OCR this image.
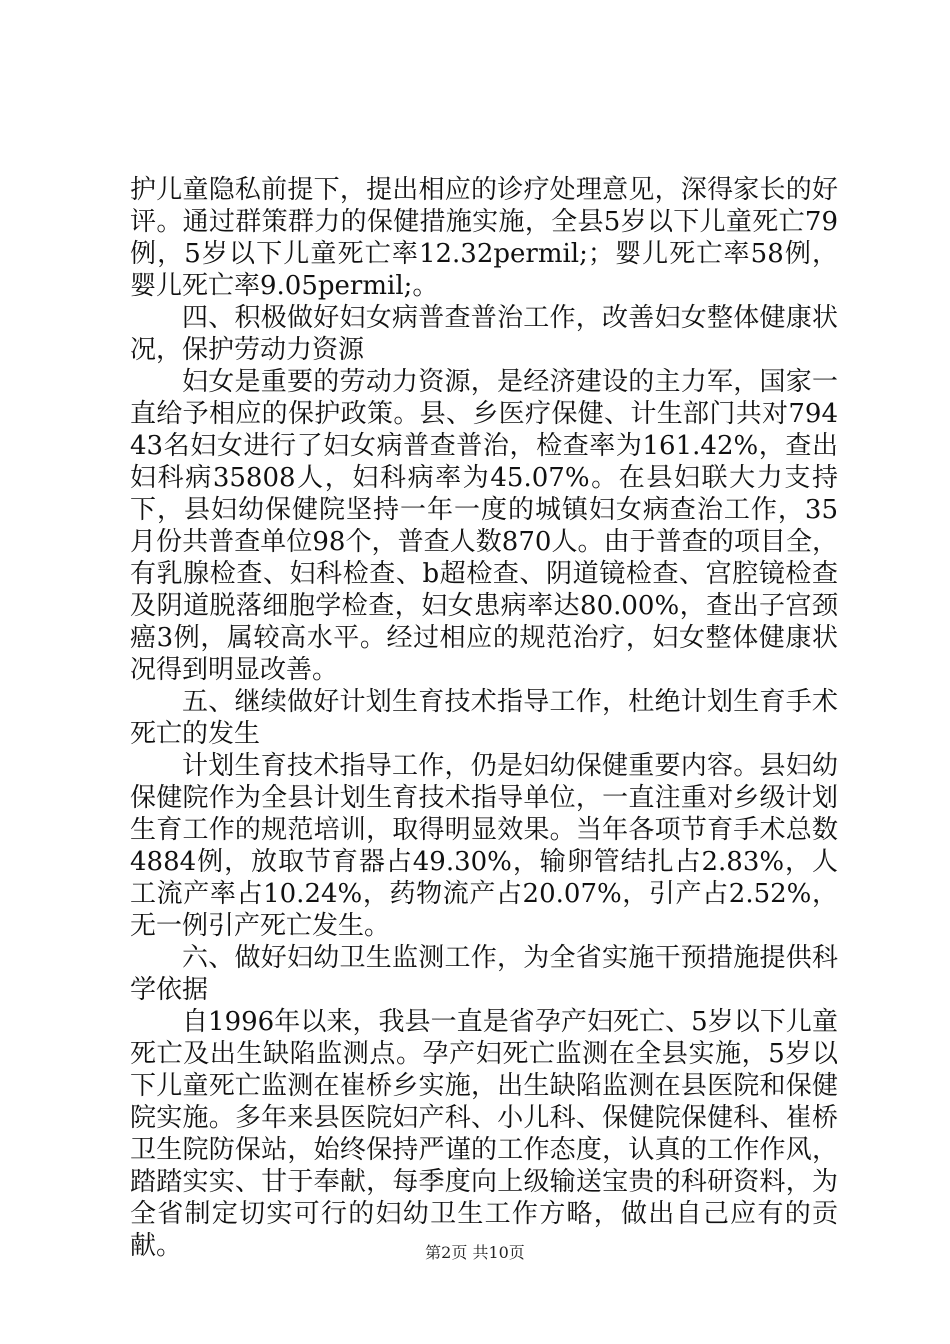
护儿童隐私前提下，提出相应的诊疗处理意见，深得家长的好评。通过群策群力的保健措施实施，全县5岁以下儿童死亡79例，5岁以下儿童死亡率12.32permil;；婴儿死亡率58例，婴儿死亡率9.05permil;。

四、积极做好妇女病普查普治工作，改善妇女整体健康状况，保护劳动力资源

妇女是重要的劳动力资源，是经济建设的主力军，国家一直给予相应的保护政策。县、乡医疗保健、计生部门共对79443名妇女进行了妇女病普查普治，检查率为161.42%，查出妇科病35808人，妇科病率为45.07%。在县妇联大力支持下，县妇幼保健院坚持一年一度的城镇妇女病查治工作，35月份共普查单位98个，普查人数870人。由于普查的项目全，有乳腺检查、妇科检查、b超检查、阴道镜检查、宫腔镜检查及阴道脱落细胞学检查，妇女患病率达80.00%，查出子宫颈癌3例，属较高水平。经过相应的规范治疗，妇女整体健康状况得到明显改善。

五、继续做好计划生育技术指导工作，杜绝计划生育手术死亡的发生

计划生育技术指导工作，仍是妇幼保健重要内容。县妇幼保健院作为全县计划生育技术指导单位，一直注重对乡级计划生育工作的规范培训，取得明显效果。当年各项节育手术总数4884例，放取节育器占49.30%，输卵管结扎占2.83%，人工流产率占10.24%，药物流产占20.07%，引产占2.52%，无一例引产死亡发生。

六、做好妇幼卫生监测工作，为全省实施干预措施提供科学依据

自1996年以来，我县一直是省孕产妇死亡、5岁以下儿童死亡及出生缺陷监测点。孕产妇死亡监测在全县实施，5岁以下儿童死亡监测在崔桥乡实施，出生缺陷监测在县医院和保健院实施。多年来县医院妇产科、小儿科、保健院保健科、崔桥卫生院防保站，始终保持严谨的工作态度，认真的工作作风，踏踏实实、甘于奉献，每季度向上级输送宝贵的科研资料，为全省制定切实可行的妇幼卫生工作方略，做出自己应有的贡献。	第2页 共10页
